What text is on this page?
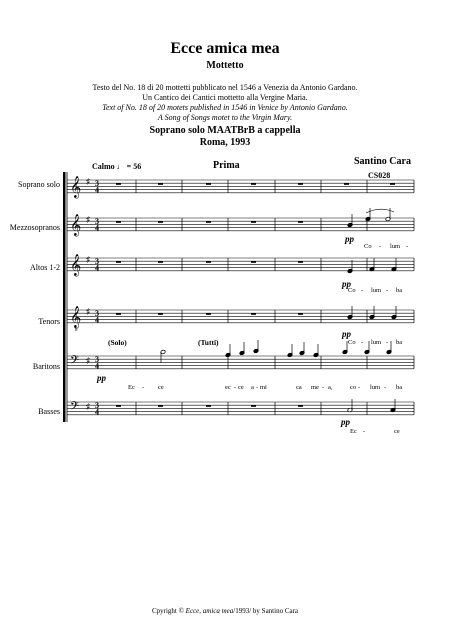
Ecce amica mea
Mottetto
Testo del No. 18 di 20 mottetti pubblicato nel 1546 a Venezia da Antonio Gardano.
Un Cantico dei Cantici mottetto alla Vergine Maria.
Text of No. 18 of 20 motets published in 1546 in Venice by Antonio Gardano.
A Song of Songs motet to the Virgin Mary.
Soprano solo MAATBrB a cappella
Roma, 1993
Santino Cara
CS028
Calmo ♩ = 56	Prima
Soprano solo
Mezzosopranos
Altos 1-2
Tenors
Baritons
Basses
𝄞 ♯ 3
4
𝄞 ♯ 3
4
𝄞 ♯ 3
4
𝄞
8
♯ 3
4
𝄢 ♯ 3
4
𝄢 ♯ 3
4
pp
pp
pp
pp
pp
(Solo)	(Tutti)
Co - lum -
Co - lum - ba
Co - lum - ba
Ec - ce	ec - ce a - mi	ca me - a,	co - lum - ba
Ec -	ce
Cpyright © Ecce, amica mea/1993/ by Santino Cara
